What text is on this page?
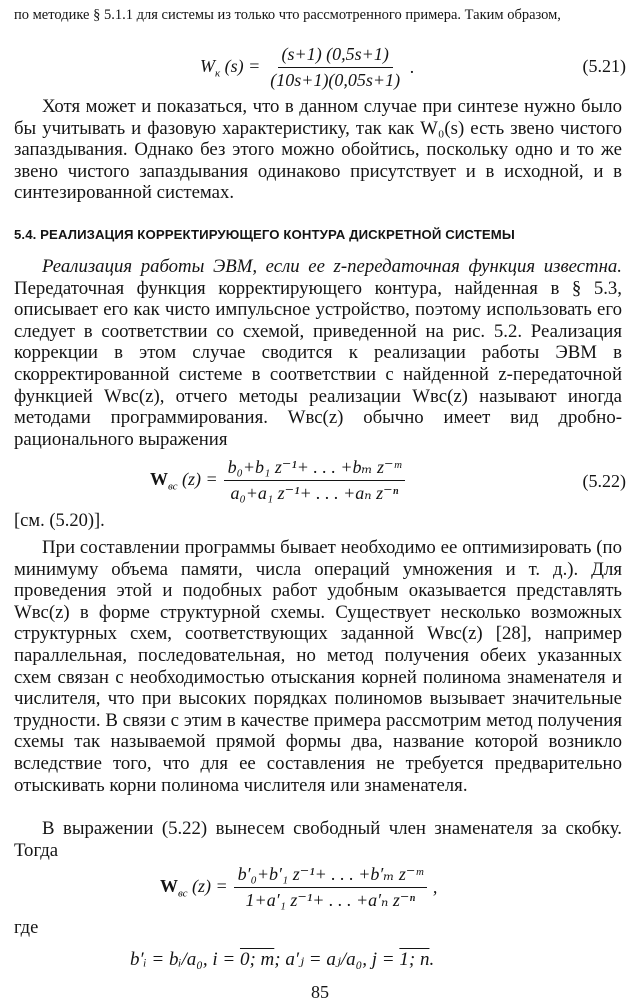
по методике § 5.1.1 для системы из только что рассмотренного примера. Таким образом,

$W_к$ $(s) = \frac{(s+1) (0,5s+1)}{(10s+1)(0,05s+1)}$ .	(5.21)

Хотя может и показаться, что в данном случае при синтезе нужно было бы учитывать и фазовую характеристику, так как W₀(s) есть звено чистого запаздывания. Однако без этого можно обойтись, поскольку одно и то же звено чистого запаздывания одинаково присутствует и в исходной, и в синтезированной системах.

5.4. РЕАЛИЗАЦИЯ КОРРЕКТИРУЮЩЕГО КОНТУРА ДИСКРЕТНОЙ СИСТЕМЫ

Реализация работы ЭВМ, если ее z-передаточная функция известна. Передаточная функция корректирующего контура, найденная в § 5.3, описывает его как чисто импульсное устройство, поэтому использовать его следует в соответствии со схемой, приведенной на рис. 5.2. Реализация коррекции в этом случае сводится к реализации работы ЭВМ в скорректированной системе в соответствии с найденной z-передаточной функцией Wвс(z), отчего методы реализации Wвс(z) называют иногда методами программирования. Wвс(z) обычно имеет вид дробно-рационального выражения

$W_{вс}$ $(z) = \frac{\text{b₀+b₁ z⁻¹+ . . . +bₘ z⁻ᵐ}}{\text{a₀+a₁ z⁻¹+ . . . +aₙ z⁻ⁿ}}$	(5.22)
[см. (5.20)].

При составлении программы бывает необходимо ее оптимизировать (по минимуму объема памяти, числа операций умножения и т. д.). Для проведения этой и подобных работ удобным оказывается представлять Wвс(z) в форме структурной схемы. Существует несколько возможных структурных схем, соответствующих заданной Wвс(z) [28], например параллельная, последовательная, но метод получения обеих указанных схем связан с необходимостью отыскания корней полинома знаменателя и числителя, что при высоких порядках полиномов вызывает значительные трудности. В связи с этим в качестве примера рассмотрим метод получения схемы так называемой прямой формы два, название которой возникло вследствие того, что для ее составления не требуется предварительно отыскивать корни полинома числителя или знаменателя.

В выражении (5.22) вынесем свободный член знаменателя за скобку. Тогда

$W_{вс}$ $(z) = \frac{\text{b′₀+b′₁ z⁻¹+ . . . +b′ₘ z⁻ᵐ}}{\text{1+a′₁ z⁻¹+ . . . +a′ₙ z⁻ⁿ}}$ ,
где
b′ᵢ = bᵢ/a₀, i = 0; m; a′ⱼ = aⱼ/a₀, j = 1; n.
85
